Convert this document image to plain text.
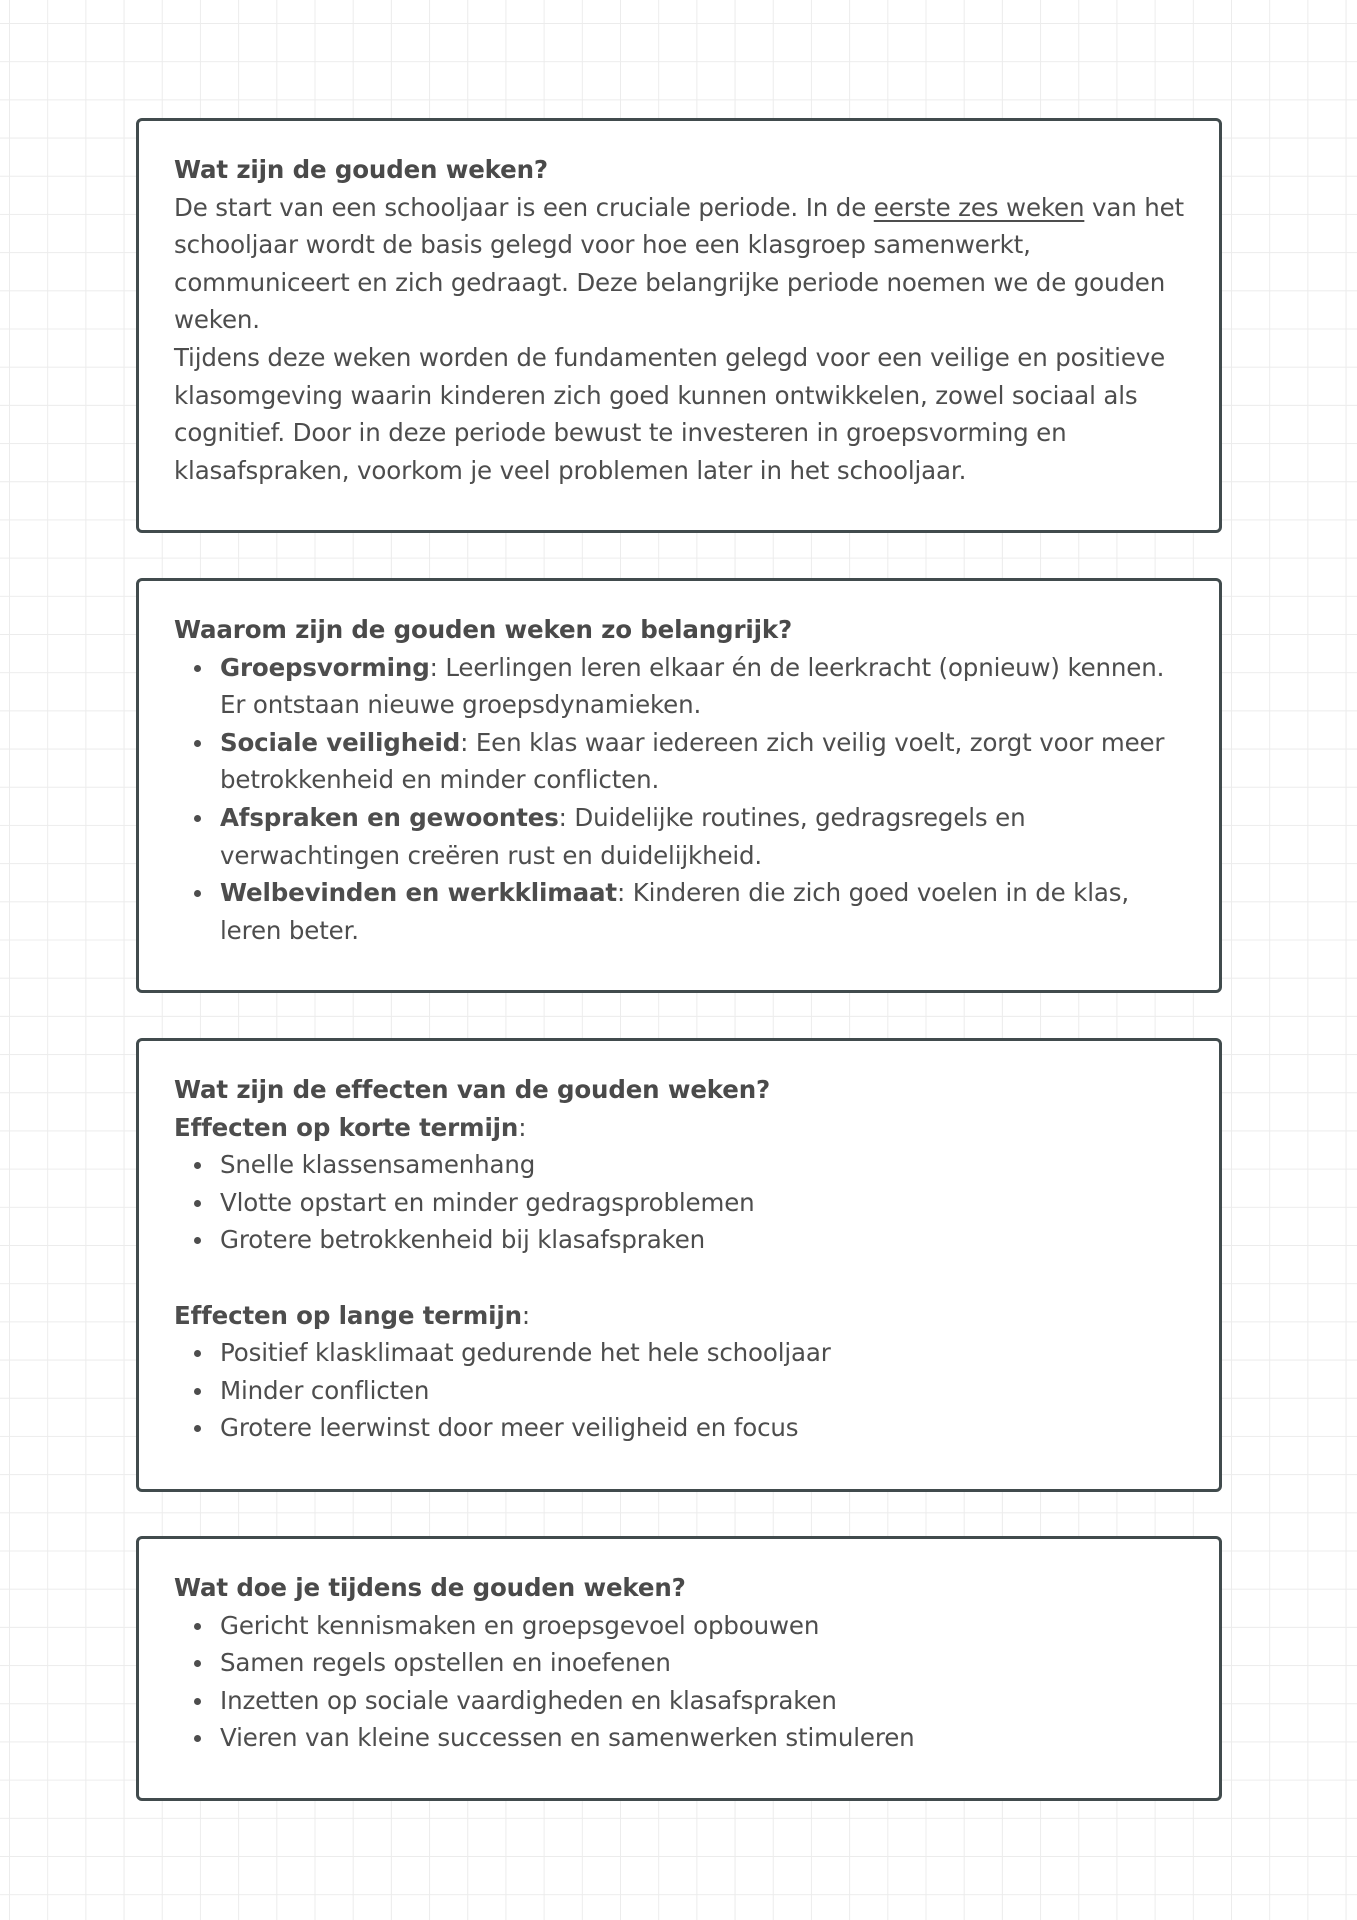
Wat zijn de gouden weken?

De start van een schooljaar is een cruciale periode. In de eerste zes weken van het schooljaar wordt de basis gelegd voor hoe een klasgroep samenwerkt, communiceert en zich gedraagt. Deze belangrijke periode noemen we de gouden weken.

Tijdens deze weken worden de fundamenten gelegd voor een veilige en positieve klasomgeving waarin kinderen zich goed kunnen ontwikkelen, zowel sociaal als cognitief. Door in deze periode bewust te investeren in groepsvorming en klasafspraken, voorkom je veel problemen later in het schooljaar.

Waarom zijn de gouden weken zo belangrijk?

Groepsvorming: Leerlingen leren elkaar én de leerkracht (opnieuw) kennen. Er ontstaan nieuwe groepsdynamieken.
Sociale veiligheid: Een klas waar iedereen zich veilig voelt, zorgt voor meer betrokkenheid en minder conflicten.
Afspraken en gewoontes: Duidelijke routines, gedragsregels en verwachtingen creëren rust en duidelijkheid.
Welbevinden en werkklimaat: Kinderen die zich goed voelen in de klas, leren beter.

Wat zijn de effecten van de gouden weken?

Effecten op korte termijn:

Snelle klassensamenhang
Vlotte opstart en minder gedragsproblemen
Grotere betrokkenheid bij klasafspraken

Effecten op lange termijn:

Positief klasklimaat gedurende het hele schooljaar
Minder conflicten
Grotere leerwinst door meer veiligheid en focus

Wat doe je tijdens de gouden weken?

Gericht kennismaken en groepsgevoel opbouwen
Samen regels opstellen en inoefenen
Inzetten op sociale vaardigheden en klasafspraken
Vieren van kleine successen en samenwerken stimuleren
